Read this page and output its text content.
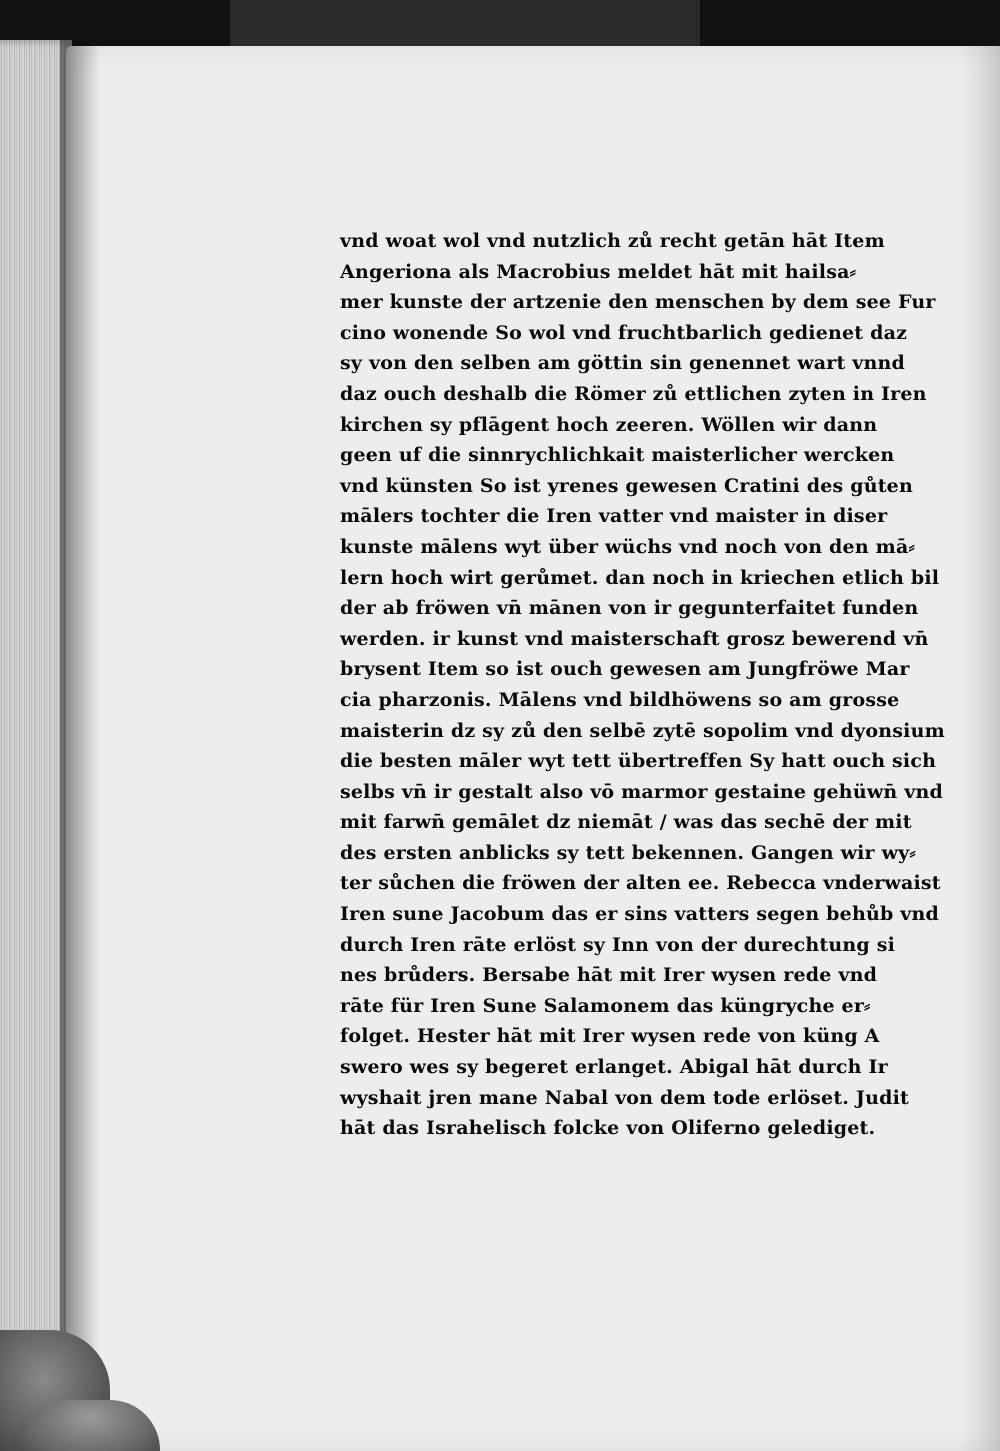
vnd woat wol vnd nutzlich zů recht getān hāt Item
Angeriona als Macrobius meldet hāt mit hailsa⸗
mer kunste der artzenie den menschen by dem see Fur
cino wonende So wol vnd fruchtbarlich gedienet daz
sy von den selben am göttin sin genennet wart vnnd
daz ouch deshalb die Römer zů ettlichen zyten in Iren
kirchen sy pflāgent hoch zeeren. Wöllen wir dann
geen uf die sinnrychlichkait maisterlicher wercken
vnd künsten So ist yrenes gewesen Cratini des gůten
mālers tochter die Iren vatter vnd maister in diser
kunste mālens wyt über wüchs vnd noch von den mā⸗
lern hoch wirt gerůmet. dan noch in kriechen etlich bil
der ab fröwen vn̄ mānen von ir gegunterfaitet funden
werden. ir kunst vnd maisterschaft grosz bewerend vn̄
brysent Item so ist ouch gewesen am Jungfröwe Mar
cia pharzonis. Mālens vnd bildhöwens so am grosse
maisterin dz sy zů den selbē zytē sopolim vnd dyonsium
die besten māler wyt tett übertreffen Sy hatt ouch sich
selbs vn̄ ir gestalt also vō marmor gestaine gehüwn̄ vnd
mit farwn̄ gemālet dz niemāt / was das sechē der mit
des ersten anblicks sy tett bekennen. Gangen wir wy⸗
ter sůchen die fröwen der alten ee. Rebecca vnderwaist
Iren sune Jacobum das er sins vatters segen behůb vnd
durch Iren rāte erlöst sy Inn von der durechtung si
nes brůders. Bersabe hāt mit Irer wysen rede vnd
rāte für Iren Sune Salamonem das küngryche er⸗
folget. Hester hāt mit Irer wysen rede von küng A
swero wes sy begeret erlanget. Abigal hāt durch Ir
wyshait jren mane Nabal von dem tode erlöset. Judit
hāt das Israhelisch folcke von Oliferno gelediget.
